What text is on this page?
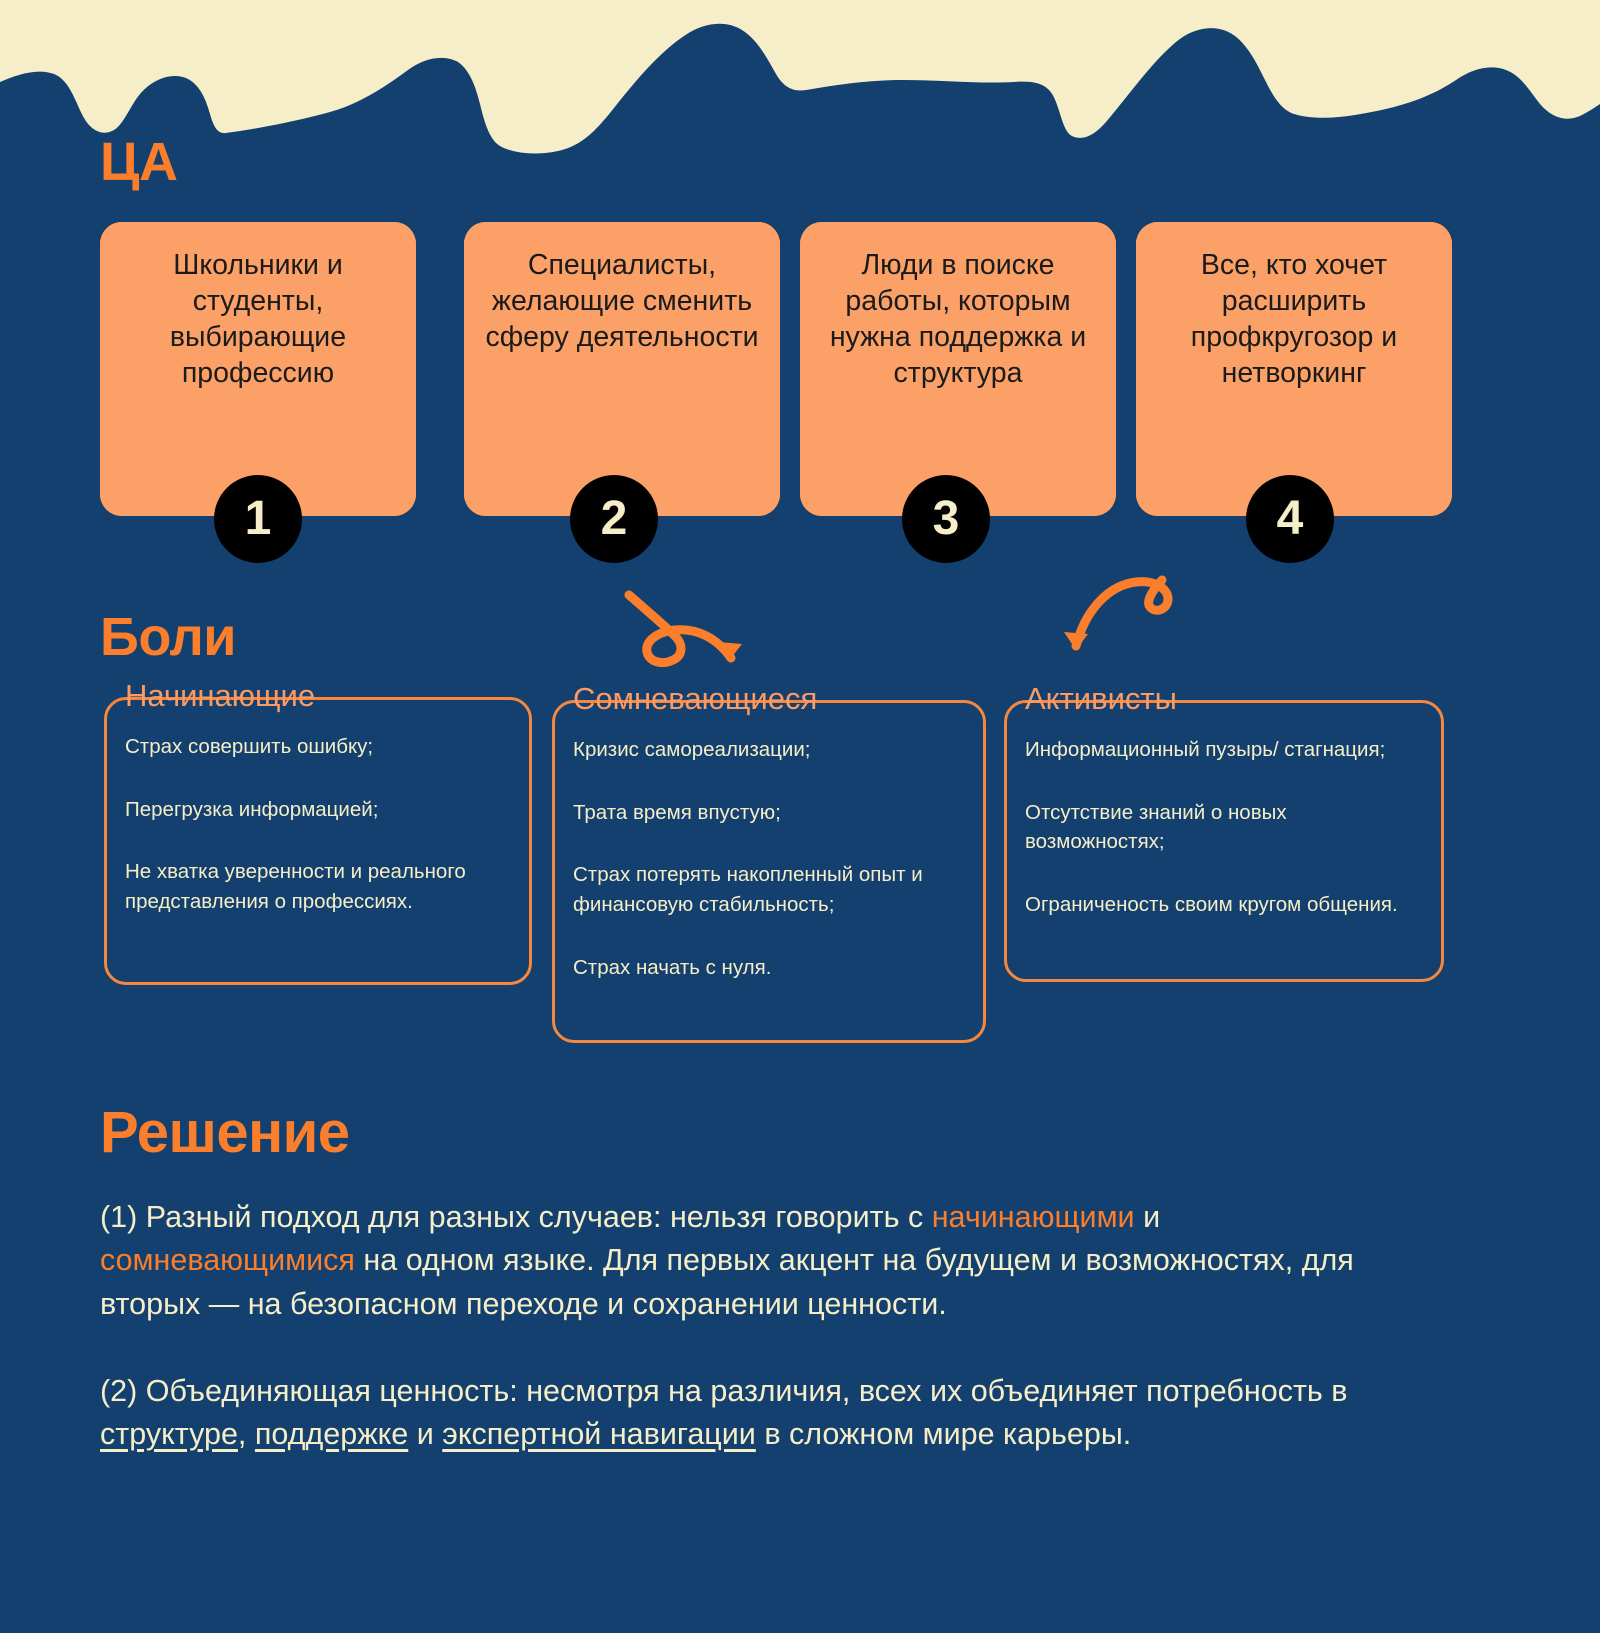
ЦА
Школьники и студенты, выбирающие профессию
Специалисты, желающие сменить сферу деятельности
Люди в поиске работы, которым нужна поддержка и структура
Все, кто хочет расширить профкругозор и нетворкинг
1	2	3	4
Боли
Начинающие
Страх совершить ошибку;
Перегрузка информацией;
Не хватка уверенности и реального представления о профессиях.
Сомневающиеся
Кризис самореализации;
Трата время впустую;
Страх потерять накопленный опыт и финансовую стабильность;
Страх начать с нуля.
Активисты
Информационный пузырь/ стагнация;
Отсутствие знаний о новых возможностях;
Ограниченость своим кругом общения.
Решение

(1) Разный подход для разных случаев: нельзя говорить с начинающими и сомневающимися на одном языке. Для первых акцент на будущем и возможностях, для вторых — на безопасном переходе и сохранении ценности.

(2) Объединяющая ценность: несмотря на различия, всех их объединяет потребность в структуре, поддержке и экспертной навигации в сложном мире карьеры.
